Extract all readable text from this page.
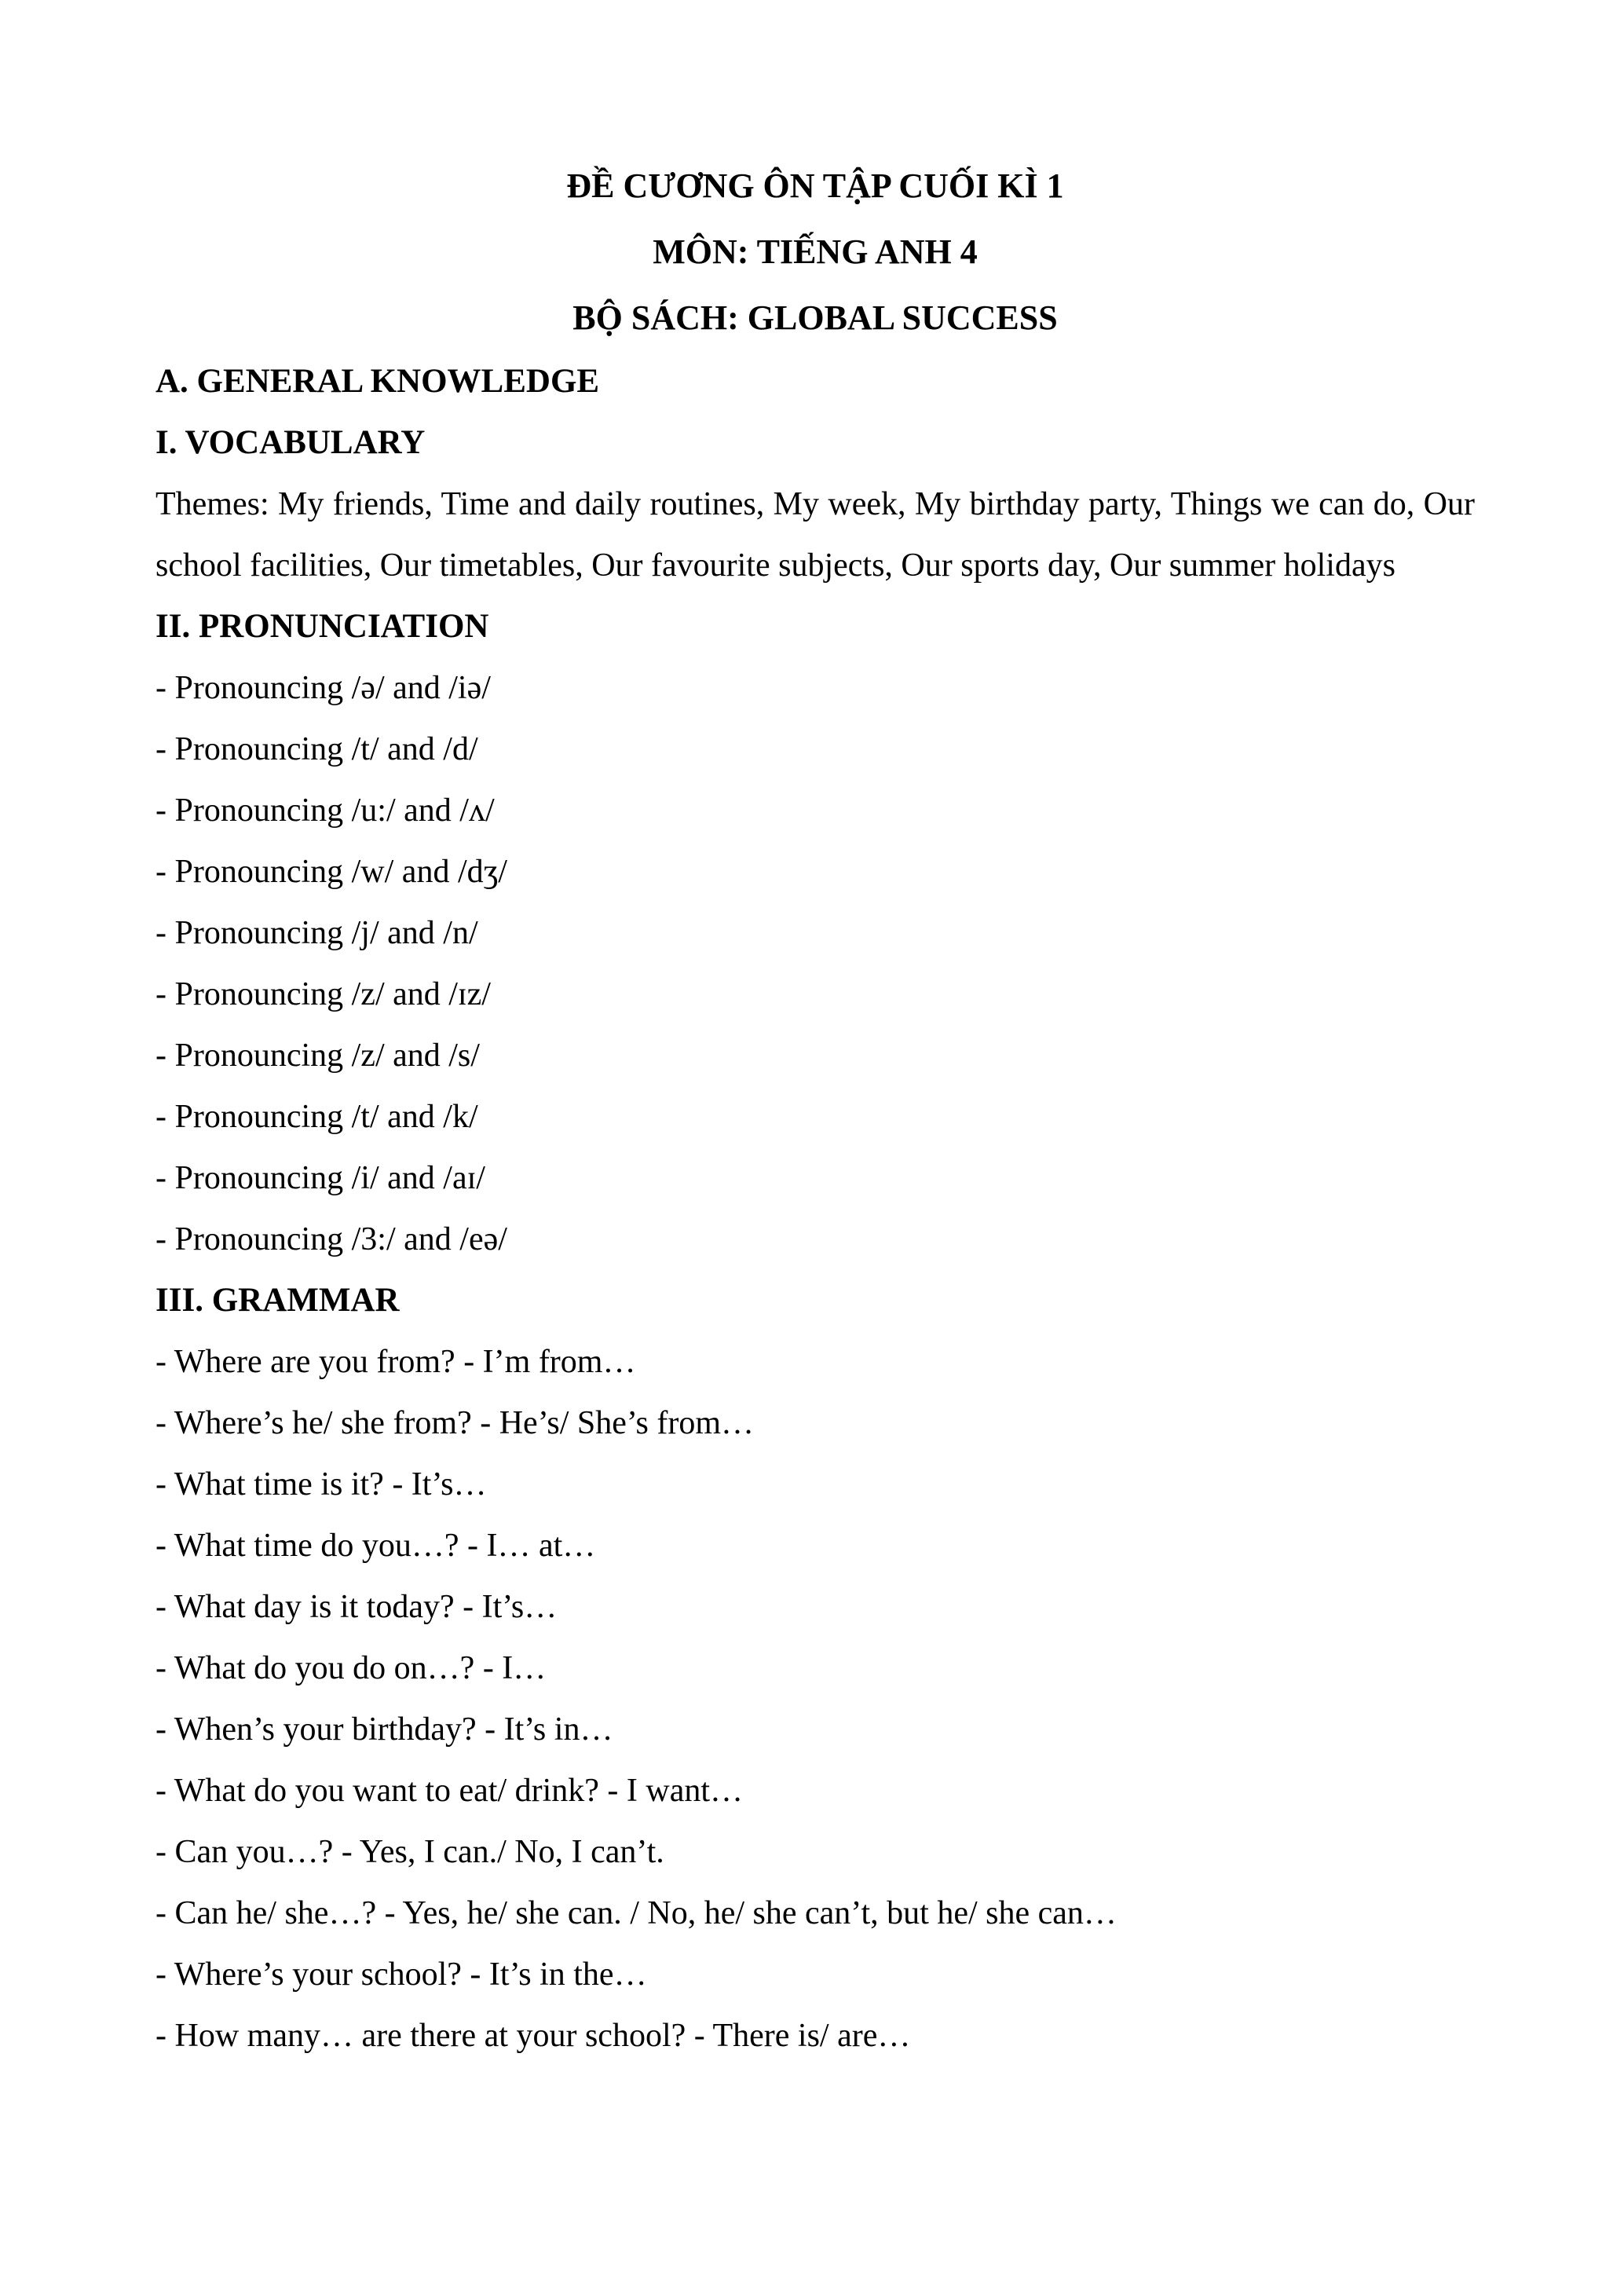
ĐỀ CƯƠNG ÔN TẬP CUỐI KÌ 1

MÔN: TIẾNG ANH 4

BỘ SÁCH: GLOBAL SUCCESS

A. GENERAL KNOWLEDGE

I. VOCABULARY

Themes: My friends, Time and daily routines, My week, My birthday party, Things we can do, Our school facilities, Our timetables, Our favourite subjects, Our sports day, Our summer holidays

II. PRONUNCIATION

- Pronouncing /ə/ and /iə/
- Pronouncing /t/ and /d/
- Pronouncing /u:/ and /ʌ/
- Pronouncing /w/ and /dʒ/
- Pronouncing /j/ and /n/
- Pronouncing /z/ and /ɪz/
- Pronouncing /z/ and /s/
- Pronouncing /t/ and /k/
- Pronouncing /i/ and /aɪ/
- Pronouncing /3:/ and /eə/

III. GRAMMAR

- Where are you from? - I’m from…
- Where’s he/ she from? - He’s/ She’s from…
- What time is it? - It’s…
- What time do you…? - I… at…
- What day is it today? - It’s…
- What do you do on…? - I…
- When’s your birthday? - It’s in…
- What do you want to eat/ drink? - I want…
- Can you…? - Yes, I can./ No, I can’t.
- Can he/ she…? - Yes, he/ she can. / No, he/ she can’t, but he/ she can…
- Where’s your school? - It’s in the…
- How many… are there at your school? - There is/ are…
